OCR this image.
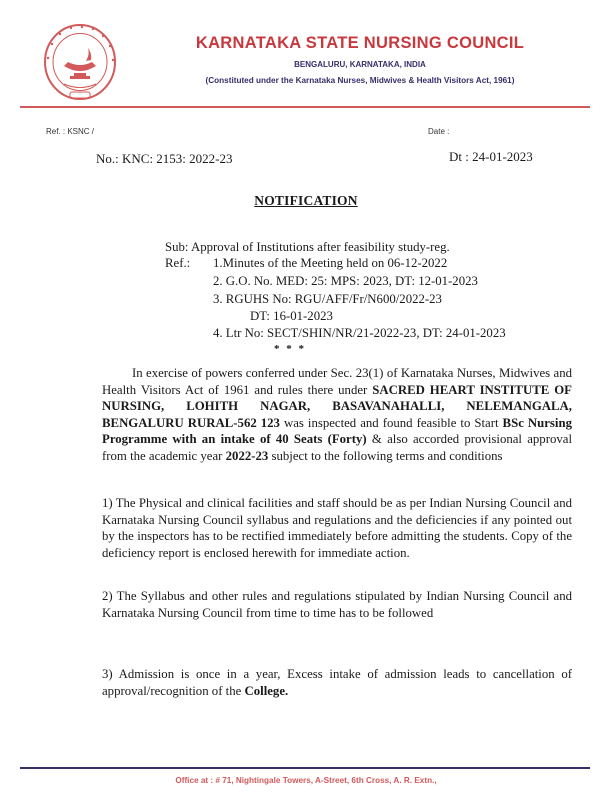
KARNATAKA STATE NURSING COUNCIL
BENGALURU, KARNATAKA, INDIA
(Constituted under the Karnataka Nurses, Midwives & Health Visitors Act, 1961)
Ref. : KSNC /	Date :
No.: KNC: 2153: 2022-23	Dt : 24-01-2023
NOTIFICATION
Sub: Approval of Institutions after feasibility study-reg.
Ref.: 1.Minutes of the Meeting held on 06-12-2022
2. G.O. No. MED: 25: MPS: 2023, DT: 12-01-2023
3. RGUHS No: RGU/AFF/Fr/N600/2022-23
DT: 16-01-2023
4. Ltr No: SECT/SHIN/NR/21-2022-23, DT: 24-01-2023
* * *
In exercise of powers conferred under Sec. 23(1) of Karnataka Nurses, Midwives and Health Visitors Act of 1961 and rules there under SACRED HEART INSTITUTE OF NURSING, LOHITH NAGAR, BASAVANAHALLI, NELEMANGALA, BENGALURU RURAL-562 123 was inspected and found feasible to Start BSc Nursing Programme with an intake of 40 Seats (Forty) & also accorded provisional approval from the academic year 2022-23 subject to the following terms and conditions
1) The Physical and clinical facilities and staff should be as per Indian Nursing Council and Karnataka Nursing Council syllabus and regulations and the deficiencies if any pointed out by the inspectors has to be rectified immediately before admitting the students. Copy of the deficiency report is enclosed herewith for immediate action.
2) The Syllabus and other rules and regulations stipulated by Indian Nursing Council and Karnataka Nursing Council from time to time has to be followed
3) Admission is once in a year, Excess intake of admission leads to cancellation of approval/recognition of the College.
Office at : # 71, Nightingale Towers, A-Street, 6th Cross, A. R. Extn.,
